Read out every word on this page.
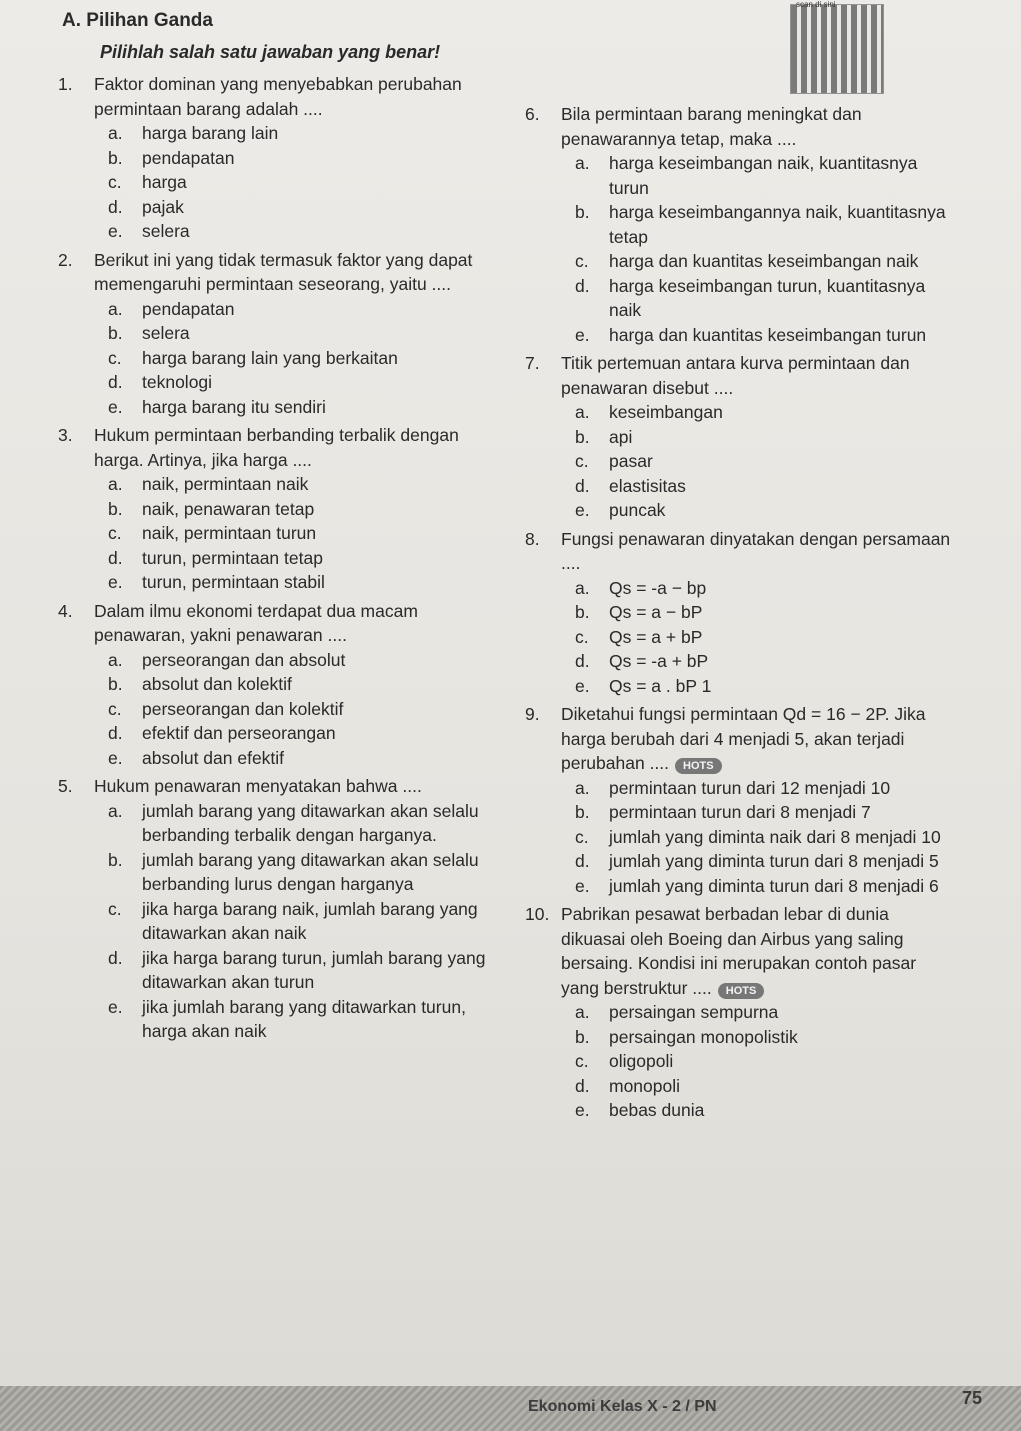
A. Pilihan Ganda
Pilihlah salah satu jawaban yang benar!
scan di sini
1.	Faktor dominan yang menyebabkan perubahan permintaan barang adalah ....
a.	harga barang lain
b.	pendapatan
c.	harga
d.	pajak
e.	selera
2.	Berikut ini yang tidak termasuk faktor yang dapat memengaruhi permintaan seseorang, yaitu ....
a.	pendapatan
b.	selera
c.	harga barang lain yang berkaitan
d.	teknologi
e.	harga barang itu sendiri
3.	Hukum permintaan berbanding terbalik dengan harga. Artinya, jika harga ....
a.	naik, permintaan naik
b.	naik, penawaran tetap
c.	naik, permintaan turun
d.	turun, permintaan tetap
e.	turun, permintaan stabil
4.	Dalam ilmu ekonomi terdapat dua macam penawaran, yakni penawaran ....
a.	perseorangan dan absolut
b.	absolut dan kolektif
c.	perseorangan dan kolektif
d.	efektif dan perseorangan
e.	absolut dan efektif
5.	Hukum penawaran menyatakan bahwa ....
a.	jumlah barang yang ditawarkan akan selalu berbanding terbalik dengan harganya.
b.	jumlah barang yang ditawarkan akan selalu berbanding lurus dengan harganya
c.	jika harga barang naik, jumlah barang yang ditawarkan akan naik
d.	jika harga barang turun, jumlah barang yang ditawarkan akan turun
e.	jika jumlah barang yang ditawarkan turun, harga akan naik
6.	Bila permintaan barang meningkat dan penawarannya tetap, maka ....
a.	harga keseimbangan naik, kuantitasnya turun
b.	harga keseimbangannya naik, kuantitasnya tetap
c.	harga dan kuantitas keseimbangan naik
d.	harga keseimbangan turun, kuantitasnya naik
e.	harga dan kuantitas keseimbangan turun
7.	Titik pertemuan antara kurva permintaan dan penawaran disebut ....
a.	keseimbangan
b.	api
c.	pasar
d.	elastisitas
e.	puncak
8.	Fungsi penawaran dinyatakan dengan persamaan ....
a.	Qs = -a − bp
b.	Qs = a − bP
c.	Qs = a + bP
d.	Qs = -a + bP
e.	Qs = a . bP 1
9.	Diketahui fungsi permintaan Qd = 16 − 2P. Jika harga berubah dari 4 menjadi 5, akan terjadi perubahan .... HOTS
a.	permintaan turun dari 12 menjadi 10
b.	permintaan turun dari 8 menjadi 7
c.	jumlah yang diminta naik dari 8 menjadi 10
d.	jumlah yang diminta turun dari 8 menjadi 5
e.	jumlah yang diminta turun dari 8 menjadi 6
10. Pabrikan pesawat berbadan lebar di dunia dikuasai oleh Boeing dan Airbus yang saling bersaing. Kondisi ini merupakan contoh pasar yang berstruktur .... HOTS
a.	persaingan sempurna
b.	persaingan monopolistik
c.	oligopoli
d.	monopoli
e.	bebas dunia
Ekonomi Kelas X - 2 / PN	75
